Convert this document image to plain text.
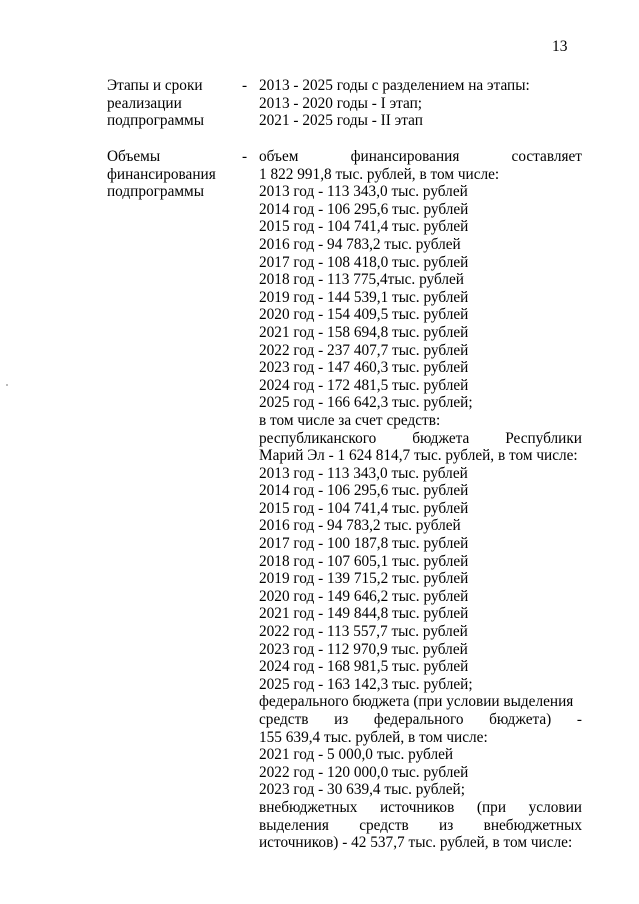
13
Этапы и сроки
реализации
подпрограммы
- 2013 - 2025 годы с разделением на этапы:
2013 - 2020 годы - I этап;
2021 - 2025 годы - II этап
Объемы
финансирования
подпрограммы
- объем	финансирования	составляет
1 822 991,8 тыс. рублей, в том числе:
2013 год - 113 343,0 тыс. рублей
2014 год - 106 295,6 тыс. рублей
2015 год - 104 741,4 тыс. рублей
2016 год - 94 783,2 тыс. рублей
2017 год - 108 418,0 тыс. рублей
2018 год - 113 775,4тыс. рублей
2019 год - 144 539,1 тыс. рублей
2020 год - 154 409,5 тыс. рублей
2021 год - 158 694,8 тыс. рублей
2022 год - 237 407,7 тыс. рублей
2023 год - 147 460,3 тыс. рублей
2024 год - 172 481,5 тыс. рублей
2025 год - 166 642,3 тыс. рублей;
в том числе за счет средств:
республиканского бюджета Республики
Марий Эл - 1 624 814,7 тыс. рублей, в том числе:
2013 год - 113 343,0 тыс. рублей
2014 год - 106 295,6 тыс. рублей
2015 год - 104 741,4 тыс. рублей
2016 год - 94 783,2 тыс. рублей
2017 год - 100 187,8 тыс. рублей
2018 год - 107 605,1 тыс. рублей
2019 год - 139 715,2 тыс. рублей
2020 год - 149 646,2 тыс. рублей
2021 год - 149 844,8 тыс. рублей
2022 год - 113 557,7 тыс. рублей
2023 год - 112 970,9 тыс. рублей
2024 год - 168 981,5 тыс. рублей
2025 год - 163 142,3 тыс. рублей;
федерального бюджета (при условии выделения
средств из федерального бюджета) -
155 639,4 тыс. рублей, в том числе:
2021 год - 5 000,0 тыс. рублей
2022 год - 120 000,0 тыс. рублей
2023 год - 30 639,4 тыс. рублей;
внебюджетных источников (при условии
выделения средств из внебюджетных
источников) - 42 537,7 тыс. рублей, в том числе:
